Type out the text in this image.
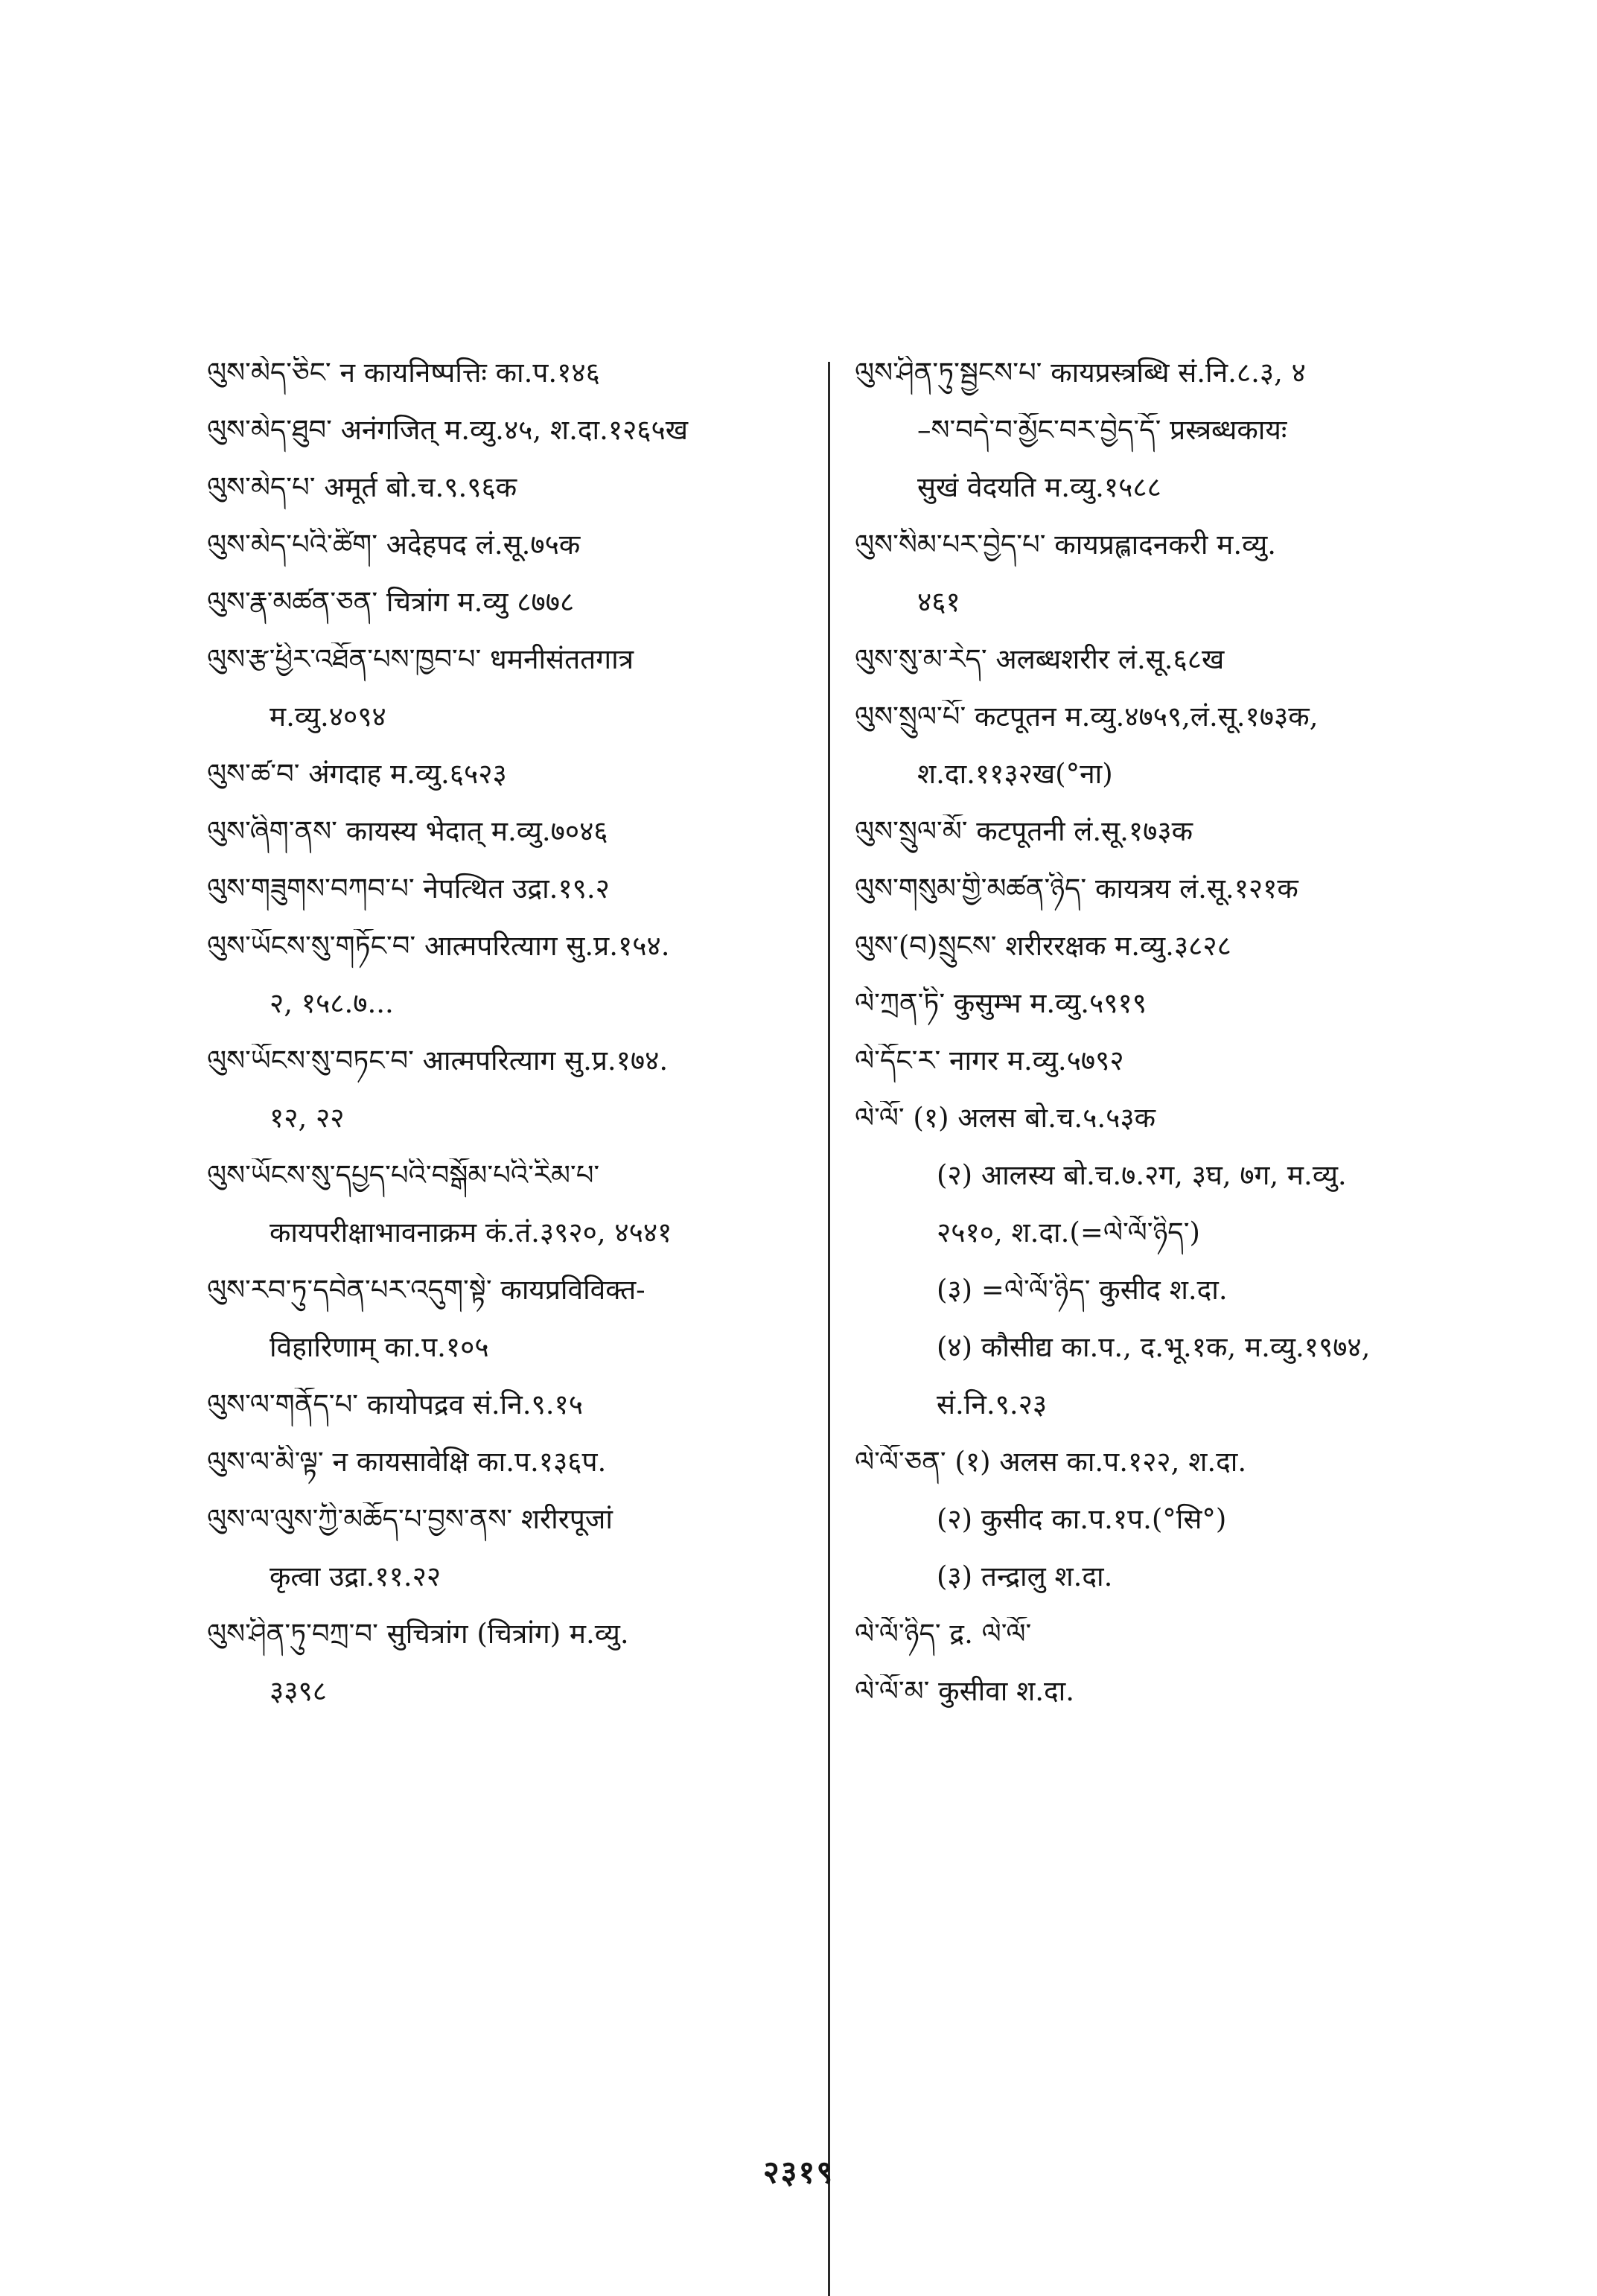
ལུས་མེད་ཅིང་ न कायनिष्पत्तिः का.प.१४६
ལུས་མེད་ཐུབ་ अनंगजित् म.व्यु.४५, श.दा.१२६५ख
ལུས་མེད་པ་ अमूर्त बो.च.९.९६क
ལུས་མེད་པའི་ཚིག་ अदेहपद लं.सू.७५क
ལུས་རྣ་མཚན་ཅན་ चित्रांग म.व्यु ८७७८
ལུས་རྩ་ཕྱིར་འཐོན་པས་ཁྱབ་པ་ धमनीसंततगात्र
म.व्यु.४०९४
ལུས་ཚ་བ་ अंगदाह म.व्यु.६५२३
ལུས་ཞིག་ནས་ कायस्य भेदात् म.व्यु.७०४६
ལུས་གཟུགས་བཀབ་པ་ नेपत्थित उद्रा.१९.२
ལུས་ཡོངས་སུ་གཏོང་བ་ आत्मपरित्याग सु.प्र.१५४.
२, १५८.७...
ལུས་ཡོངས་སུ་བཏང་བ་ आत्मपरित्याग सु.प्र.१७४.
१२, २२
ལུས་ཡོངས་སུ་དཔྱད་པའི་བསྒོམ་པའི་རིམ་པ་
कायपरीक्षाभावनाक्रम कं.तं.३९२०, ४५४१
ལུས་རབ་ཏུ་དབེན་པར་འདུག་སྟེ་ कायप्रविविक्त-
विहारिणाम् का.प.१०५
ལུས་ལ་གནོད་པ་ कायोपद्रव सं.नि.९.१५
ལུས་ལ་མི་ལྟ་ न कायसावेक्षि का.प.१३६प.
ལུས་ལ་ལུས་ཀྱི་མཆོད་པ་བྱས་ནས་ शरीरपूजां
कृत्वा उद्रा.११.२२
ལུས་ཤིན་ཏུ་བཀྲ་བ་ सुचित्रांग (चित्रांग) म.व्यु.
३३९८
ལུས་ཤིན་ཏུ་སྦྱངས་པ་ कायप्रस्त्रब्धि सं.नि.८.३, ४
–ས་བདེ་བ་མྱོང་བར་བྱེད་དོ་ प्रस्त्रब्धकायः
सुखं वेदयति म.व्यु.१५८८
ལུས་སིམ་པར་བྱེད་པ་ कायप्रह्लादनकरी म.व्यु.
४६१
ལུས་སུ་མ་རེད་ अलब्धशरीर लं.सू.६८ख
ལུས་སྲུལ་པོ་ कटपूतन म.व्यु.४७५९,लं.सू.१७३क,
श.दा.११३२ख(°ना)
ལུས་སྲུལ་མོ་ कटपूतनी लं.सू.१७३क
ལུས་གསུམ་གྱི་མཚན་ཉིད་ कायत्रय लं.सू.१२१क
ལུས་(བ)སྲུངས་ शरीररक्षक म.व्यु.३८२८
ལེ་ཀྲན་ཏི་ कुसुम्भ म.व्यु.५९१९
ལེ་དོང་ར་ नागर म.व्यु.५७९२
ལེ་ལོ་ (१) अलस बो.च.५.५३क
(२) आलस्य बो.च.७.२ग, ३घ, ७ग, म.व्यु.
२५१०, श.दा.(=ལེ་ལོ་ཉིད་)
(३) =ལེ་ལོ་ཉིད་ कुसीद श.दा.
(४) कौसीद्य का.प., द.भू.१क, म.व्यु.१९७४,
सं.नि.९.२३
ལེ་ལོ་ཅན་ (१) अलस का.प.१२२, श.दा.
(२) कुसीद का.प.१प.(°सि°)
(३) तन्द्रालु श.दा.
ལེ་ལོ་ཉིད་ द्र. ལེ་ལོ་
ལེ་ལོ་མ་ कुसीवा श.दा.
२३१९
